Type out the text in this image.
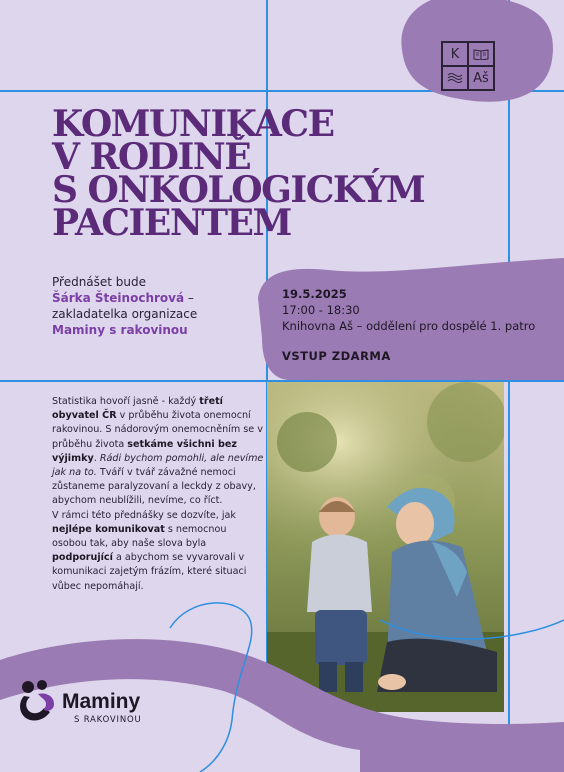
K
Aš
KOMUNIKACE
V RODINĚ
S ONKOLOGICKÝM
PACIENTEM
Přednášet bude
Šárka Šteinochrová –
zakladatelka organizace
Maminy s rakovinou
19.5.2025
17:00 - 18:30
Knihovna Aš – oddělení pro dospělé 1. patro
VSTUP ZDARMA
Statistika hovoří jasně - každý třetí obyvatel ČR v průběhu života onemocní rakovinou. S nádorovým onemocněním se v průběhu života setkáme všichni bez výjimky. Rádi bychom pomohli, ale nevíme jak na to. Tváří v tvář závažné nemoci zůstaneme paralyzovaní a leckdy z obavy, abychom neublížili, nevíme, co říct.
V rámci této přednášky se dozvíte, jak nejlépe komunikovat s nemocnou osobou tak, aby naše slova byla podporující a abychom se vyvarovali v komunikaci zajetým frázím, které situaci vůbec nepomáhají.
Maminy
S RAKOVINOU
